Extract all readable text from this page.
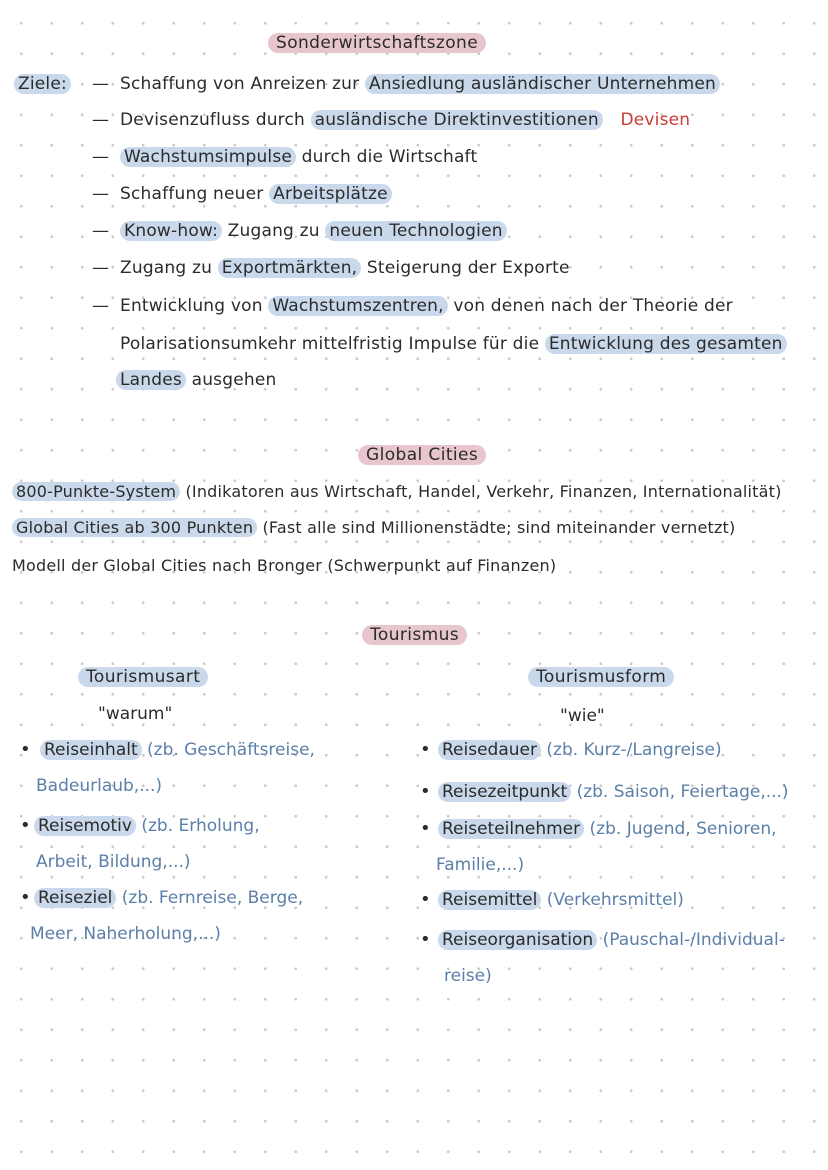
Sonderwirtschaftszone
Ziele: — Schaffung von Anreizen zur Ansiedlung ausländischer Unternehmen
— Devisenzufluss durch ausländische Direktinvestitionen Devisen
— Wachstumsimpulse durch die Wirtschaft
— Schaffung neuer Arbeitsplätze
— Know-how: Zugang zu neuen Technologien
— Zugang zu Exportmärkten, Steigerung der Exporte
— Entwicklung von Wachstumszentren, von denen nach der Theorie der
Polarisationsumkehr mittelfristig Impulse für die Entwicklung des gesamten
Landes ausgehen
Global Cities
800-Punkte-System (Indikatoren aus Wirtschaft, Handel, Verkehr, Finanzen, Internationalität)
Global Cities ab 300 Punkten (Fast alle sind Millionenstädte; sind miteinander vernetzt)
Modell der Global Cities nach Bronger (Schwerpunkt auf Finanzen)
Tourismus
Tourismusart
"warum"
• Reiseinhalt (zb. Geschäftsreise,
Badeurlaub,...)
• Reisemotiv (zb. Erholung,
Arbeit, Bildung,...)
• Reiseziel (zb. Fernreise, Berge,
Meer, Naherholung,...)
Tourismusform
"wie"
• Reisedauer (zb. Kurz-/Langreise)
• Reisezeitpunkt (zb. Saison, Feiertage,...)
• Reiseteilnehmer (zb. Jugend, Senioren,
Familie,...)
• Reisemittel (Verkehrsmittel)
• Reiseorganisation (Pauschal-/Individual-
reise)
